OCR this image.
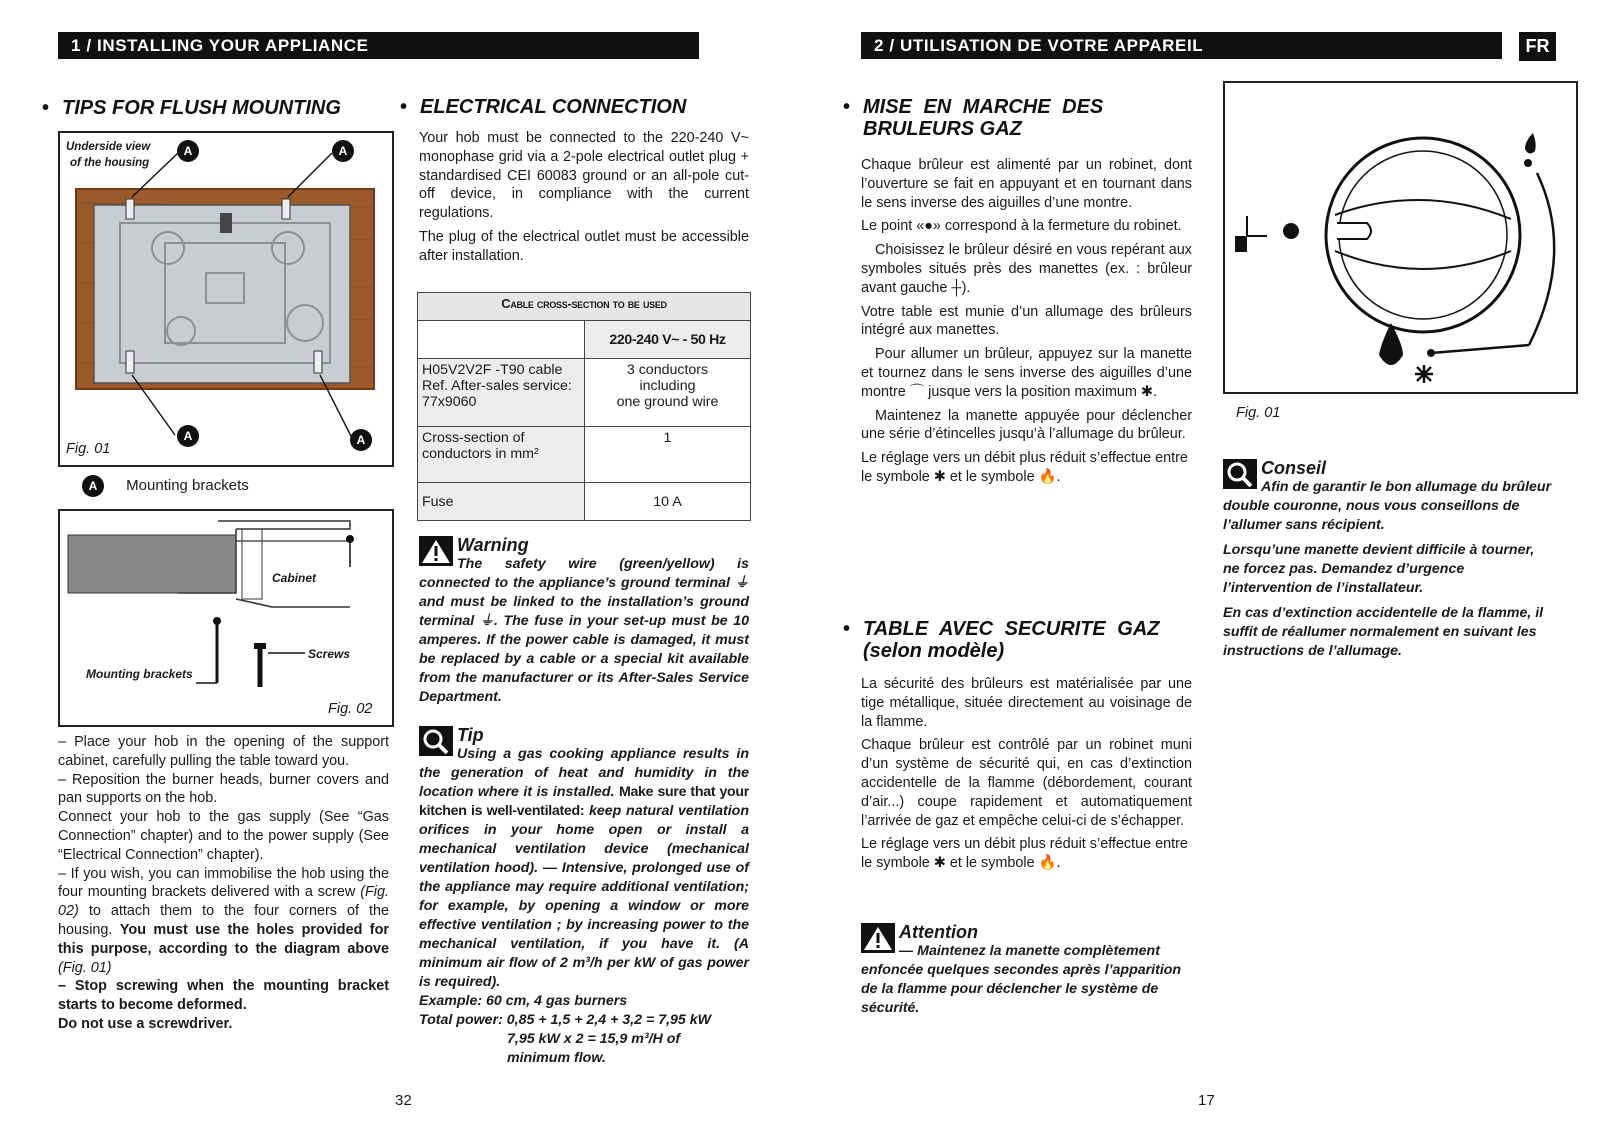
1 / INSTALLING YOUR APPLIANCE
• TIPS FOR FLUSH MOUNTING
Underside view
of the housing
A	A
A	A
Fig. 01
A Mounting brackets
Cabinet
Screws
Mounting brackets
Fig. 02
– Place your hob in the opening of the support cabinet, carefully pulling the table toward you.
– Reposition the burner heads, burner covers and pan supports on the hob.
Connect your hob to the gas supply (See “Gas Connection” chapter) and to the power supply (See “Electrical Connection” chapter).
– If you wish, you can immobilise the hob using the four mounting brackets delivered with a screw (Fig. 02) to attach them to the four corners of the housing. You must use the holes provided for this purpose, according to the diagram above (Fig. 01)
– Stop screwing when the mounting bracket starts to become deformed.
Do not use a screwdriver.
• ELECTRICAL CONNECTION

Your hob must be connected to the 220-240 V~ monophase grid via a 2-pole electrical outlet plug + standardised CEI 60083 ground or an all-pole cut-off device, in compliance with the current regulations.

The plug of the electrical outlet must be accessible after installation.

Cable cross-section to be used	
	220-240 V~ - 50 Hz
H05V2V2F -T90 cable Ref. After-sales service: 77x9060	3 conductors
including
one ground wire

Cross-section of conductors in mm²	1
Fuse	10 A
Warning
The safety wire (green/yellow) is connected to the appliance’s ground terminal ⏚ and must be linked to the installation’s ground terminal ⏚. The fuse in your set-up must be 10 amperes. If the power cable is damaged, it must be replaced by a cable or a special kit available from the manufacturer or its After-Sales Service Department.
Tip
Using a gas cooking appliance results in the generation of heat and humidity in the location where it is installed. Make sure that your kitchen is well-ventilated: keep natural ventilation orifices in your home open or install a mechanical ventilation device (mechanical ventilation hood). — Intensive, prolonged use of the appliance may require additional ventilation; for example, by opening a window or more effective ventilation ; by increasing power to the mechanical ventilation, if you have it. (A minimum air flow of 2 m³/h per kW of gas power is required).
Example: 60 cm, 4 gas burners
Total power: 0,85 + 1,5 + 2,4 + 3,2 = 7,95 kW
7,95 kW x 2 = 15,9 m³/H of
minimum flow.
32
2 / UTILISATION DE VOTRE APPAREIL	FR
• MISE EN MARCHE DES
BRULEURS GAZ

Chaque brûleur est alimenté par un robinet, dont l’ouverture se fait en appuyant et en tournant dans le sens inverse des aiguilles d’une montre.

Le point «●» correspond à la fermeture du robinet.

Choisissez le brûleur désiré en vous repérant aux symboles situés près des manettes (ex. : brûleur avant gauche ┼).

Votre table est munie d’un allumage des brûleurs intégré aux manettes.

Pour allumer un brûleur, appuyez sur la manette et tournez dans le sens inverse des aiguilles d’une montre ⌒ jusque vers la position maximum ✱.

Maintenez la manette appuyée pour déclencher une série d’étincelles jusqu’à l’allumage du brûleur.

Le réglage vers un débit plus réduit s’effectue entre le symbole ✱ et le symbole 🔥.

• TABLE AVEC SECURITE GAZ
(selon modèle)

La sécurité des brûleurs est matérialisée par une tige métallique, située directement au voisinage de la flamme.

Chaque brûleur est contrôlé par un robinet muni d’un système de sécurité qui, en cas d’extinction accidentelle de la flamme (débordement, courant d’air...) coupe rapidement et automatiquement l’arrivée de gaz et empêche celui-ci de s’échapper.

Le réglage vers un débit plus réduit s’effectue entre le symbole ✱ et le symbole 🔥.

Attention
— Maintenez la manette complètement enfoncée quelques secondes après l’apparition de la flamme pour déclencher le système de sécurité.
Fig. 01
Conseil
Afin de garantir le bon allumage du brûleur double couronne, nous vous conseillons de l’allumer sans récipient.
Lorsqu’une manette devient difficile à tourner, ne forcez pas. Demandez d’urgence l’intervention de l’installateur.
En cas d’extinction accidentelle de la flamme, il suffit de réallumer normalement en suivant les instructions de l’allumage.
17
